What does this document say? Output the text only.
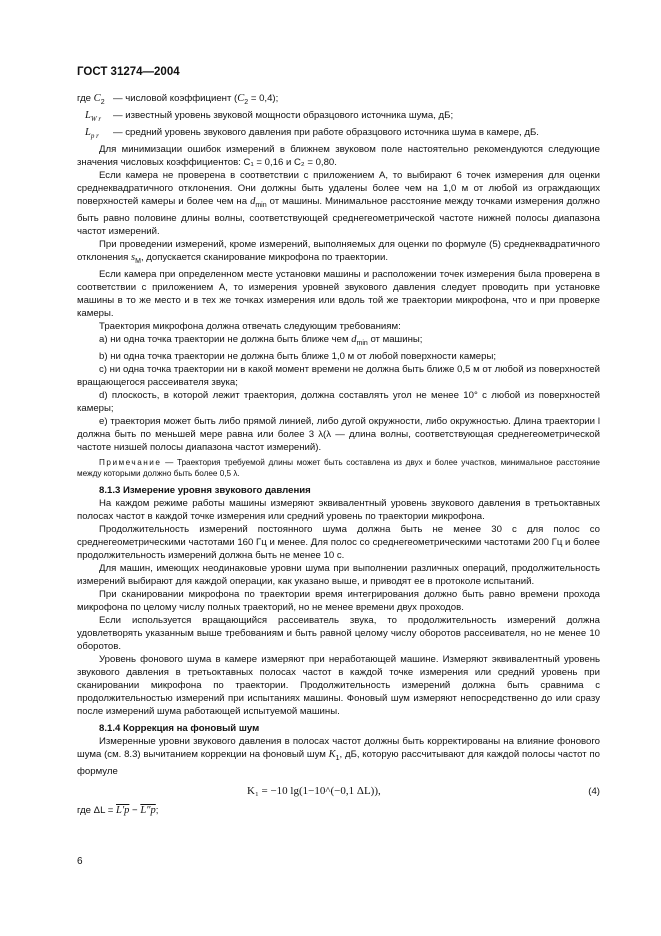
ГОСТ 31274—2004
где $C_2$ — числовой коэффициент $(C_2 = 0,4)$;
$L_{W r}$	— известный уровень звуковой мощности образцового источника шума, дБ;
$L_{p r}$	— средний уровень звукового давления при работе образцового источника шума в камере, дБ.

Для минимизации ошибок измерений в ближнем звуковом поле настоятельно рекомендуются следующие значения числовых коэффициентов: C₁ = 0,16 и C₂ = 0,80.

Если камера не проверена в соответствии с приложением А, то выбирают 6 точек измерения для оценки среднеквадратичного отклонения. Они должны быть удалены более чем на 1,0 м от любой из ограждающих поверхностей камеры и более чем на $d_{min}$ от машины. Минимальное расстояние между точками измерения должно быть равно половине длины волны, соответствующей среднегеометрической частоте нижней полосы диапазона частот измерений.

При проведении измерений, кроме измерений, выполняемых для оценки по формуле (5) среднеквадратичного отклонения $s_M$, допускается сканирование микрофона по траектории.

Если камера при определенном месте установки машины и расположении точек измерения была проверена в соответствии с приложением А, то измерения уровней звукового давления следует проводить при установке машины в то же место и в тех же точках измерения или вдоль той же траектории микрофона, что и при проверке камеры.

Траектория микрофона должна отвечать следующим требованиям:

a) ни одна точка траектории не должна быть ближе чем $d_{min}$ от машины;

b) ни одна точка траектории не должна быть ближе 1,0 м от любой поверхности камеры;

c) ни одна точка траектории ни в какой момент времени не должна быть ближе 0,5 м от любой из поверхностей вращающегося рассеивателя звука;

d) плоскость, в которой лежит траектория, должна составлять угол не менее 10° с любой из поверхностей камеры;

e) траектория может быть либо прямой линией, либо дугой окружности, либо окружностью. Длина траектории l должна быть по меньшей мере равна или более 3 λ(λ — длина волны, соответствующая среднегеометрической частоте низшей полосы диапазона частот измерений).

Примечание — Траектория требуемой длины может быть составлена из двух и более участков, минимальное расстояние между которыми должно быть более 0,5 λ.

8.1.3 Измерение уровня звукового давления

На каждом режиме работы машины измеряют эквивалентный уровень звукового давления в третьоктавных полосах частот в каждой точке измерения или средний уровень по траектории микрофона.

Продолжительность измерений постоянного шума должна быть не менее 30 с для полос со среднегеометрическими частотами 160 Гц и менее. Для полос со среднегеометрическими частотами 200 Гц и более продолжительность измерений должна быть не менее 10 с.

Для машин, имеющих неодинаковые уровни шума при выполнении различных операций, продолжительность измерений выбирают для каждой операции, как указано выше, и приводят ее в протоколе испытаний.

При сканировании микрофона по траектории время интегрирования должно быть равно времени прохода микрофона по целому числу полных траекторий, но не менее времени двух проходов.

Если используется вращающийся рассеиватель звука, то продолжительность измерений должна удовлетворять указанным выше требованиям и быть равной целому числу оборотов рассеивателя, но не менее 10 оборотов.

Уровень фонового шума в камере измеряют при неработающей машине. Измеряют эквивалентный уровень звукового давления в третьоктавных полосах частот в каждой точке измерения или средний уровень при сканировании микрофона по траектории. Продолжительность измерений должна быть сравнима с продолжительностью измерений при испытаниях машины. Фоновый шум измеряют непосредственно до или сразу после измерений шума работающей испытуемой машины.

8.1.4 Коррекция на фоновый шум

Измеренные уровни звукового давления в полосах частот должны быть корректированы на влияние фонового шума (см. 8.3) вычитанием коррекции на фоновый шум $K_1$, дБ, которую рассчитывают для каждой полосы частот по формуле

K₁ = −10 lg(1−10^(−0,1 ΔL)),	(4)

где ΔL = L′p − L″p;

6
